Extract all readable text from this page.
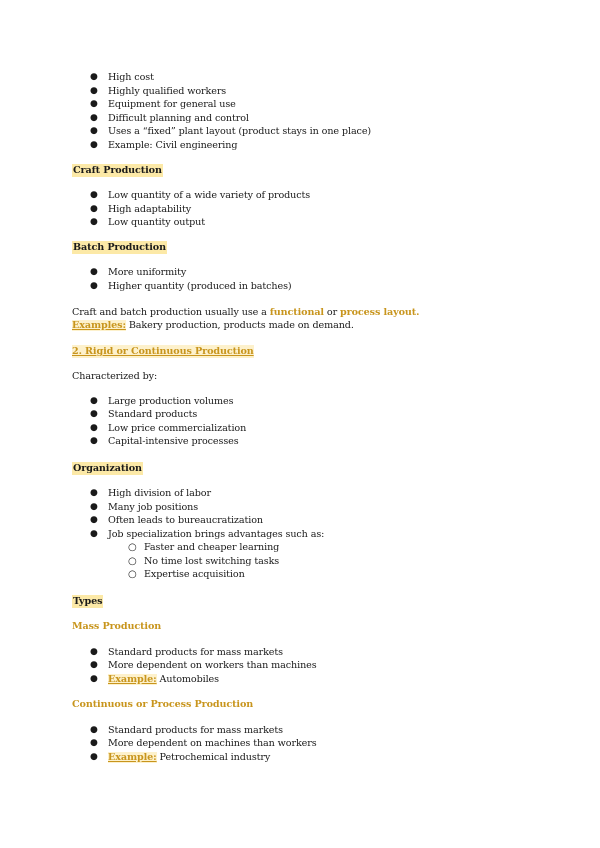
● High cost
● Highly qualified workers
● Equipment for general use
● Difficult planning and control
● Uses a “fixed” plant layout (product stays in one place)
● Example: Civil engineering
Craft Production
● Low quantity of a wide variety of products
● High adaptability
● Low quantity output
Batch Production
● More uniformity
● Higher quantity (produced in batches)
Craft and batch production usually use a functional or process layout.
Examples: Bakery production, products made on demand.
2. Rigid or Continuous Production
Characterized by:
● Large production volumes
● Standard products
● Low price commercialization
● Capital-intensive processes
Organization
● High division of labor
● Many job positions
● Often leads to bureaucratization
● Job specialization brings advantages such as:
○ Faster and cheaper learning
○ No time lost switching tasks
○ Expertise acquisition
Types
Mass Production
● Standard products for mass markets
● More dependent on workers than machines
● Example: Automobiles
Continuous or Process Production
● Standard products for mass markets
● More dependent on machines than workers
● Example: Petrochemical industry
